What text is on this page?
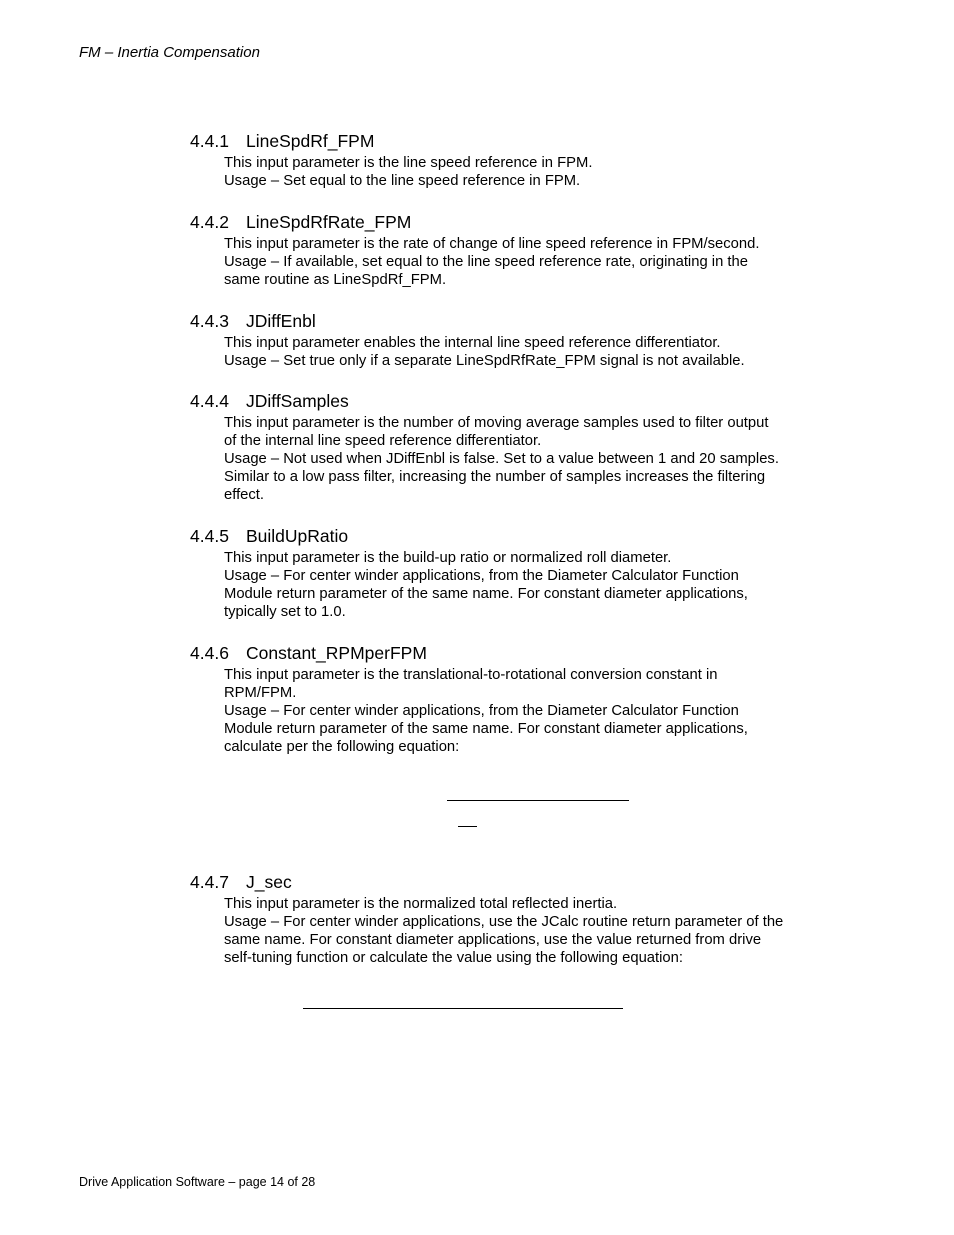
FM – Inertia Compensation
4.4.1 LineSpdRf_FPM
This input parameter is the line speed reference in FPM.
Usage – Set equal to the line speed reference in FPM.
4.4.2 LineSpdRfRate_FPM
This input parameter is the rate of change of line speed reference in FPM/second.
Usage – If available, set equal to the line speed reference rate, originating in the
same routine as LineSpdRf_FPM.
4.4.3 JDiffEnbl
This input parameter enables the internal line speed reference differentiator.
Usage – Set true only if a separate LineSpdRfRate_FPM signal is not available.
4.4.4 JDiffSamples
This input parameter is the number of moving average samples used to filter output
of the internal line speed reference differentiator.
Usage – Not used when JDiffEnbl is false. Set to a value between 1 and 20 samples.
Similar to a low pass filter, increasing the number of samples increases the filtering
effect.
4.4.5 BuildUpRatio
This input parameter is the build-up ratio or normalized roll diameter.
Usage – For center winder applications, from the Diameter Calculator Function
Module return parameter of the same name. For constant diameter applications,
typically set to 1.0.
4.4.6 Constant_RPMperFPM
This input parameter is the translational-to-rotational conversion constant in
RPM/FPM.
Usage – For center winder applications, from the Diameter Calculator Function
Module return parameter of the same name. For constant diameter applications,
calculate per the following equation:
4.4.7 J_sec
This input parameter is the normalized total reflected inertia.
Usage – For center winder applications, use the JCalc routine return parameter of the
same name. For constant diameter applications, use the value returned from drive
self-tuning function or calculate the value using the following equation:
Drive Application Software – page 14 of 28
